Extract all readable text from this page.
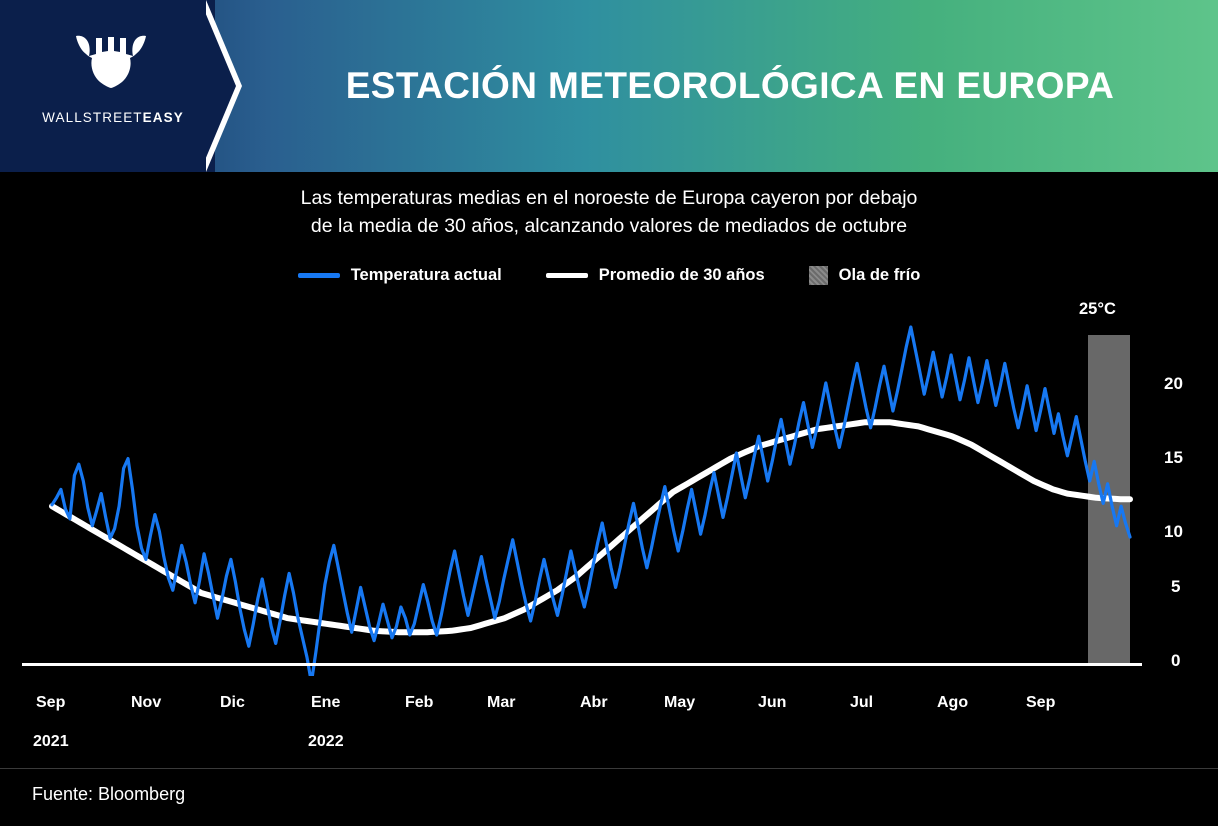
WALLSTREETEASY
ESTACIÓN METEOROLÓGICA EN EUROPA
Las temperaturas medias en el noroeste de Europa cayeron por debajo
de la media de 30 años, alcanzando valores de mediados de octubre
Temperatura actual	Promedio de 30 años	Ola de frío
25°C
20
15
10
5
0
Sep	Nov	Dic	Ene	Feb	Mar	Abr	May	Jun	Jul	Ago	Sep
2021	2022
Fuente: Bloomberg
